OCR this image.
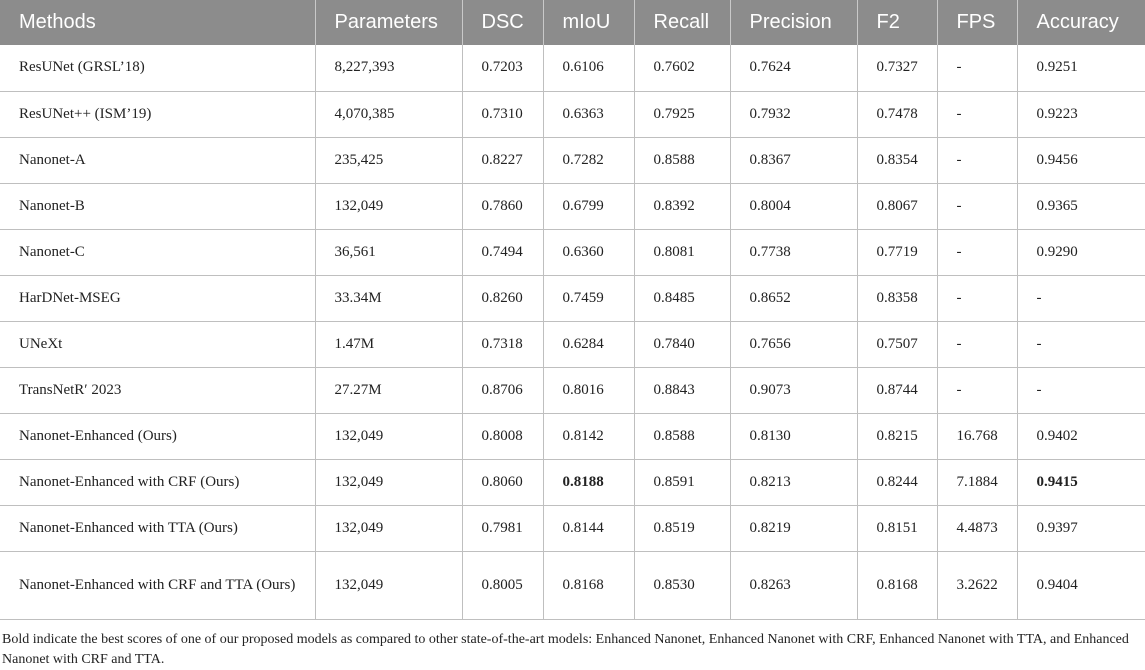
Methods	Parameters	DSC	mIoU	Recall	Precision	F2	FPS	Accuracy
ResUNet (GRSL’18)	8,227,393	0.7203	0.6106	0.7602	0.7624	0.7327	-	0.9251
ResUNet++ (ISM’19)	4,070,385	0.7310	0.6363	0.7925	0.7932	0.7478	-	0.9223
Nanonet-A	235,425	0.8227	0.7282	0.8588	0.8367	0.8354	-	0.9456
Nanonet-B	132,049	0.7860	0.6799	0.8392	0.8004	0.8067	-	0.9365
Nanonet-C	36,561	0.7494	0.6360	0.8081	0.7738	0.7719	-	0.9290
HarDNet-MSEG	33.34M	0.8260	0.7459	0.8485	0.8652	0.8358	-	-
UNeXt	1.47M	0.7318	0.6284	0.7840	0.7656	0.7507	-	-
TransNetR′ 2023	27.27M	0.8706	0.8016	0.8843	0.9073	0.8744	-	-
Nanonet-Enhanced (Ours)	132,049	0.8008	0.8142	0.8588	0.8130	0.8215	16.768	0.9402
Nanonet-Enhanced with CRF (Ours)	132,049	0.8060	0.8188	0.8591	0.8213	0.8244	7.1884	0.9415
Nanonet-Enhanced with TTA (Ours)	132,049	0.7981	0.8144	0.8519	0.8219	0.8151	4.4873	0.9397
Nanonet-Enhanced with CRF and TTA (Ours)	132,049	0.8005	0.8168	0.8530	0.8263	0.8168	3.2622	0.9404
Bold indicate the best scores of one of our proposed models as compared to other state-of-the-art models: Enhanced Nanonet, Enhanced Nanonet with CRF, Enhanced Nanonet with TTA, and Enhanced Nanonet with CRF and TTA.
